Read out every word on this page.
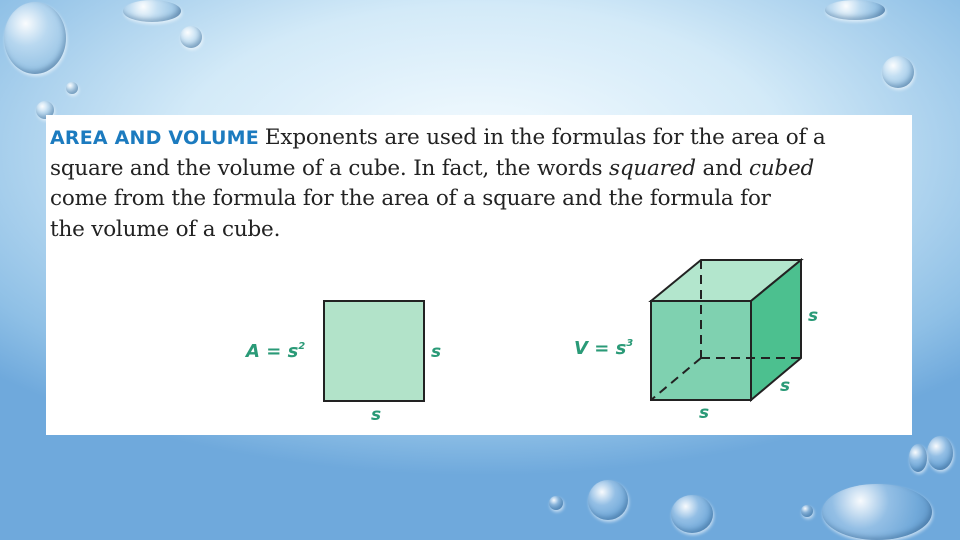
AREA AND VOLUME Exponents are used in the formulas for the area of a
square and the volume of a cube. In fact, the words squared and cubed
come from the formula for the area of a square and the formula for
the volume of a cube.
$A = s^2$	s
s
$V = s^3$
s
s
s
